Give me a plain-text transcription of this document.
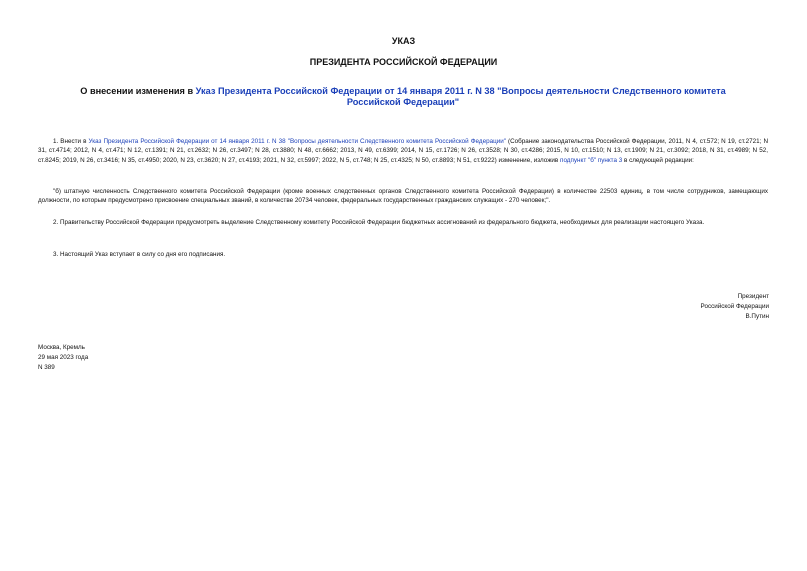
УКАЗ
ПРЕЗИДЕНТА РОССИЙСКОЙ ФЕДЕРАЦИИ
О внесении изменения в Указ Президента Российской Федерации от 14 января 2011 г. N 38 "Вопросы деятельности Следственного комитета Российской Федерации"
1. Внести в Указ Президента Российской Федерации от 14 января 2011 г. N 38 "Вопросы деятельности Следственного комитета Российской Федерации" (Собрание законодательства Российской Федерации, 2011, N 4, ст.572; N 19, ст.2721; N 31, ст.4714; 2012, N 4, ст.471; N 12, ст.1391; N 21, ст.2632; N 26, ст.3497; N 28, ст.3880; N 48, ст.6662; 2013, N 49, ст.6399; 2014, N 15, ст.1726; N 26, ст.3528; N 30, ст.4286; 2015, N 10, ст.1510; N 13, ст.1909; N 21, ст.3092; 2018, N 31, ст.4989; N 52, ст.8245; 2019, N 26, ст.3416; N 35, ст.4950; 2020, N 23, ст.3620; N 27, ст.4193; 2021, N 32, ст.5997; 2022, N 5, ст.748; N 25, ст.4325; N 50, ст.8893; N 51, ст.9222) изменение, изложив подпункт "б" пункта 3 в следующей редакции:
"б) штатную численность Следственного комитета Российской Федерации (кроме военных следственных органов Следственного комитета Российской Федерации) в количестве 22503 единиц, в том числе сотрудников, замещающих должности, по которым предусмотрено присвоение специальных званий, в количестве 20734 человек, федеральных государственных гражданских служащих - 270 человек;".
2. Правительству Российской Федерации предусмотреть выделение Следственному комитету Российской Федерации бюджетных ассигнований из федерального бюджета, необходимых для реализации настоящего Указа.
3. Настоящий Указ вступает в силу со дня его подписания.
Президент
Российской Федерации
В.Путин
Москва, Кремль
29 мая 2023 года
N 389
